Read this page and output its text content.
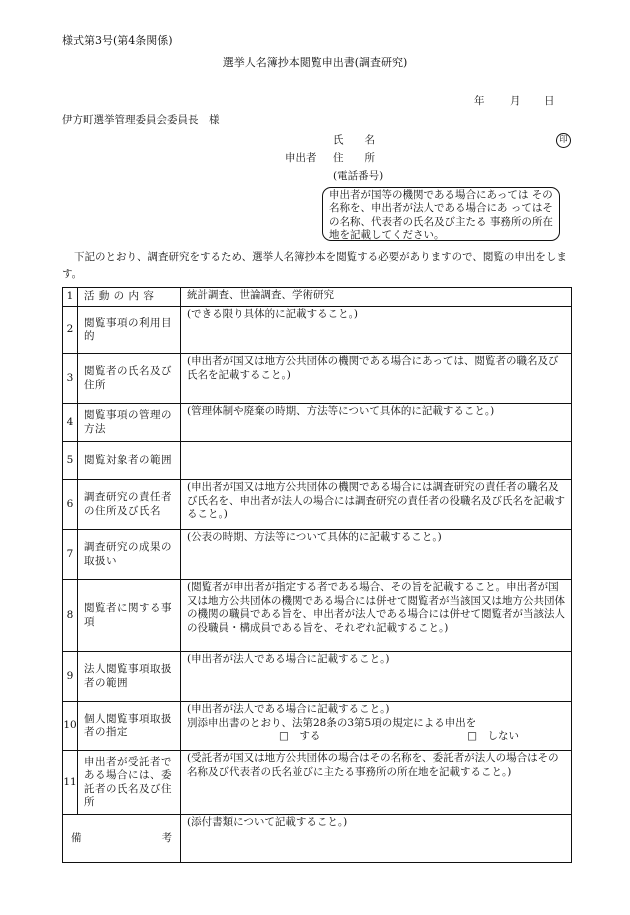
様式第3号(第4条関係)
選挙人名簿抄本閲覧申出書(調査研究)
年 月 日
伊方町選挙管理委員会委員長　様
氏　　名	印
申出者 住　　所
(電話番号)
申出者が国等の機関である場合にあっては その名称を、申出者が法人である場合にあ ってはその名称、代表者の氏名及び主たる 事務所の所在地を記載してください。
下記のとおり、調査研究をするため、選挙人名簿抄本を閲覧する必要がありますので、閲覧の申出をします。
1	活 動 の 内 容	統計調査、世論調査、学術研究
2	閲覧事項の利用目的	(できる限り具体的に記載すること。)
3	閲覧者の氏名及び住所	(申出者が国又は地方公共団体の機関である場合にあっては、閲覧者の職名及び氏名を記載すること。)
4	閲覧事項の管理の方法	(管理体制や廃棄の時期、方法等について具体的に記載すること。)
5	閲覧対象者の範囲	
6	調査研究の責任者の住所及び氏名	(申出者が国又は地方公共団体の機関である場合には調査研究の責任者の職名及び氏名を、申出者が法人の場合には調査研究の責任者の役職名及び氏名を記載すること。)
7	調査研究の成果の取扱い	(公表の時期、方法等について具体的に記載すること。)
8	閲覧者に関する事項	(閲覧者が申出者が指定する者である場合、その旨を記載すること。申出者が国又は地方公共団体の機関である場合には併せて閲覧者が当該国又は地方公共団体の機関の職員である旨を、申出者が法人である場合には併せて閲覧者が当該法人の役職員・構成員である旨を、それぞれ記載すること。)
9	法人閲覧事項取扱者の範囲	(申出者が法人である場合に記載すること。)
10	個人閲覧事項取扱者の指定	(申出者が法人である場合に記載すること。)
別添申出書のとおり、法第28条の3第5項の規定による申出を
□　する □　しない

11	申出者が受託者である場合には、委託者の氏名及び住所	(受託者が国又は地方公共団体の場合はその名称を、委託者が法人の場合はその名称及び代表者の氏名並びに主たる事務所の所在地を記載すること。)

備 考		(添付書類について記載すること。)
